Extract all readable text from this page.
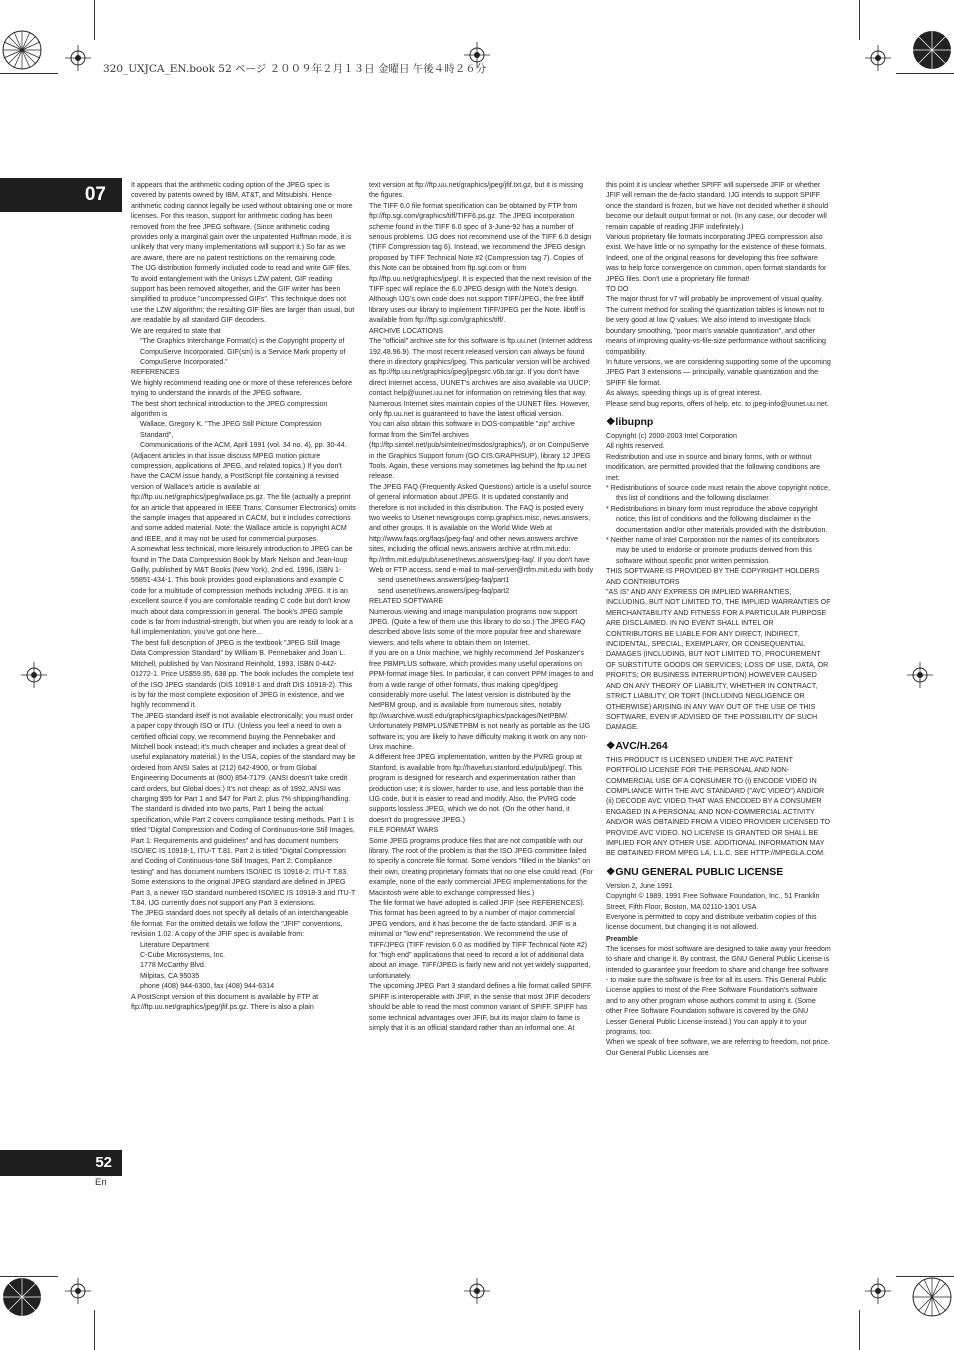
320_UXJCA_EN.book 52 ページ ２００９年２月１３日 金曜日 午後４時２６分
07	It appears that the arithmetic coding option of the JPEG spec is covered by patents owned by IBM, AT&T, and Mitsubishi. Hence arithmetic coding cannot legally be used without obtaining one or more licenses. For this reason, support for arithmetic coding has been removed from the free JPEG software. (Since arithmetic coding provides only a marginal gain over the unpatented Huffman mode, it is unlikely that very many implementations will support it.) So far as we are aware, there are no patent restrictions on the remaining code.

The IJG distribution formerly included code to read and write GIF files. To avoid entanglement with the Unisys LZW patent, GIF reading support has been removed altogether, and the GIF writer has been simplified to produce "uncompressed GIFs". This technique does not use the LZW algorithm; the resulting GIF files are larger than usual, but are readable by all standard GIF decoders.

We are required to state that

"The Graphics Interchange Format(c) is the Copyright property of CompuServe Incorporated. GIF(sm) is a Service Mark property of CompuServe Incorporated."

REFERENCES

We highly recommend reading one or more of these references before trying to understand the innards of the JPEG software.

The best short technical introduction to the JPEG compression algorithm is

Wallace, Gregory K. "The JPEG Still Picture Compression Standard",

Communications of the ACM, April 1991 (vol. 34 no. 4), pp. 30-44.

(Adjacent articles in that issue discuss MPEG motion picture compression, applications of JPEG, and related topics.) If you don't have the CACM issue handy, a PostScript file containing a revised version of Wallace's article is available at ftp://ftp.uu.net/graphics/jpeg/wallace.ps.gz. The file (actually a preprint for an article that appeared in IEEE Trans. Consumer Electronics) omits the sample images that appeared in CACM, but it includes corrections and some added material. Note: the Wallace article is copyright ACM and IEEE, and it may not be used for commercial purposes.

A somewhat less technical, more leisurely introduction to JPEG can be found in The Data Compression Book by Mark Nelson and Jean-loup Gailly, published by M&T Books (New York), 2nd ed. 1996, ISBN 1-55851-434-1. This book provides good explanations and example C code for a multitude of compression methods including JPEG. It is an excellent source if you are comfortable reading C code but don't know much about data compression in general. The book's JPEG sample code is far from industrial-strength, but when you are ready to look at a full implementation, you've got one here...

The best full description of JPEG is the textbook "JPEG Still Image Data Compression Standard" by William B. Pennebaker and Joan L. Mitchell, published by Van Nostrand Reinhold, 1993, ISBN 0-442-01272-1. Price US$59.95, 638 pp. The book includes the complete text of the ISO JPEG standards (DIS 10918-1 and draft DIS 10918-2). This is by far the most complete exposition of JPEG in existence, and we highly recommend it.

The JPEG standard itself is not available electronically; you must order a paper copy through ISO or ITU. (Unless you feel a need to own a certified official copy, we recommend buying the Pennebaker and Mitchell book instead; it's much cheaper and includes a great deal of useful explanatory material.) In the USA, copies of the standard may be ordered from ANSI Sales at (212) 642-4900, or from Global Engineering Documents at (800) 854-7179. (ANSI doesn't take credit card orders, but Global does.) It's not cheap: as of 1992, ANSI was charging $95 for Part 1 and $47 for Part 2, plus 7% shipping/handling. The standard is divided into two parts, Part 1 being the actual specification, while Part 2 covers compliance testing methods. Part 1 is titled "Digital Compression and Coding of Continuous-tone Still Images, Part 1: Requirements and guidelines" and has document numbers ISO/IEC IS 10918-1, ITU-T T.81. Part 2 is titled "Digital Compression and Coding of Continuous-tone Still Images, Part 2: Compliance testing" and has document numbers ISO/IEC IS 10918-2, ITU-T T.83.

Some extensions to the original JPEG standard are defined in JPEG Part 3, a newer ISO standard numbered ISO/IEC IS 10918-3 and ITU-T T.84. IJG currently does not support any Part 3 extensions.

The JPEG standard does not specify all details of an interchangeable file format. For the omitted details we follow the "JFIF" conventions, revision 1.02. A copy of the JFIF spec is available from:

Literature Department

C-Cube Microsystems, Inc.

1778 McCarthy Blvd.

Milpitas, CA 95035

phone (408) 944-6300, fax (408) 944-6314

A PostScript version of this document is available by FTP at ftp://ftp.uu.net/graphics/jpeg/jfif.ps.gz. There is also a plain

text version at ftp://ftp.uu.net/graphics/jpeg/jfif.txt.gz, but it is missing the figures.

The TIFF 6.0 file format specification can be obtained by FTP from ftp://ftp.sgi.com/graphics/tiff/TIFF6.ps.gz. The JPEG incorporation scheme found in the TIFF 6.0 spec of 3-June-92 has a number of serious problems. IJG does not recommend use of the TIFF 6.0 design (TIFF Compression tag 6). Instead, we recommend the JPEG design proposed by TIFF Technical Note #2 (Compression tag 7). Copies of this Note can be obtained from ftp.sgi.com or from ftp://ftp.uu.net/graphics/jpeg/. It is expected that the next revision of the TIFF spec will replace the 6.0 JPEG design with the Note's design. Although IJG's own code does not support TIFF/JPEG, the free libtiff library uses our library to implement TIFF/JPEG per the Note. libtiff is available from ftp://ftp.sgi.com/graphics/tiff/.

ARCHIVE LOCATIONS

The "official" archive site for this software is ftp.uu.net (Internet address 192.48.96.9). The most recent released version can always be found there in directory graphics/jpeg. This particular version will be archived as ftp://ftp.uu.net/graphics/jpeg/jpegsrc.v6b.tar.gz. If you don't have direct Internet access, UUNET's archives are also available via UUCP; contact help@uunet.uu.net for information on retrieving files that way.

Numerous Internet sites maintain copies of the UUNET files. However, only ftp.uu.net is guaranteed to have the latest official version.

You can also obtain this software in DOS-compatible "zip" archive format from the SimTel archives (ftp://ftp.simtel.net/pub/simtelnet/msdos/graphics/), or on CompuServe in the Graphics Support forum (GO CIS:GRAPHSUP), library 12 JPEG Tools. Again, these versions may sometimes lag behind the ftp.uu.net release.

The JPEG FAQ (Frequently Asked Questions) article is a useful source of general information about JPEG. It is updated constantly and therefore is not included in this distribution. The FAQ is posted every two weeks to Usenet newsgroups comp.graphics.misc, news.answers, and other groups. It is available on the World Wide Web at http://www.faqs.org/faqs/jpeg-faq/ and other news.answers archive sites, including the official news.answers archive at rtfm.mit.edu: ftp://rtfm.mit.edu/pub/usenet/news.answers/jpeg-faq/. If you don't have Web or FTP access, send e-mail to mail-server@rtfm.mit.edu with body

send usenet/news.answers/jpeg-faq/part1

send usenet/news.answers/jpeg-faq/part2

RELATED SOFTWARE

Numerous viewing and image manipulation programs now support JPEG. (Quite a few of them use this library to do so.) The JPEG FAQ described above lists some of the more popular free and shareware viewers, and tells where to obtain them on Internet.

If you are on a Unix machine, we highly recommend Jef Poskanzer's free PBMPLUS software, which provides many useful operations on PPM-format image files. In particular, it can convert PPM images to and from a wide range of other formats, thus making cjpeg/djpeg considerably more useful. The latest version is distributed by the NetPBM group, and is available from numerous sites, notably ftp://wuarchive.wustl.edu/graphics/graphics/packages/NetPBM/. Unfortunately PBMPLUS/NETPBM is not nearly as portable as the IJG software is; you are likely to have difficulty making it work on any non-Unix machine.

A different free JPEG implementation, written by the PVRG group at Stanford, is available from ftp://havefun.stanford.edu/pub/jpeg/. This program is designed for research and experimentation rather than production use; it is slower, harder to use, and less portable than the IJG code, but it is easier to read and modify. Also, the PVRG code supports lossless JPEG, which we do not. (On the other hand, it doesn't do progressive JPEG.)

FILE FORMAT WARS

Some JPEG programs produce files that are not compatible with our library. The root of the problem is that the ISO JPEG committee failed to specify a concrete file format. Some vendors "filled in the blanks" on their own, creating proprietary formats that no one else could read. (For example, none of the early commercial JPEG implementations for the Macintosh were able to exchange compressed files.)

The file format we have adopted is called JFIF (see REFERENCES). This format has been agreed to by a number of major commercial JPEG vendors, and it has become the de facto standard. JFIF is a minimal or "low end" representation. We recommend the use of TIFF/JPEG (TIFF revision 6.0 as modified by TIFF Technical Note #2) for "high end" applications that need to record a lot of additional data about an image. TIFF/JPEG is fairly new and not yet widely supported, unfortunately.

The upcoming JPEG Part 3 standard defines a file format called SPIFF. SPIFF is interoperable with JFIF, in the sense that most JFIF decoders should be able to read the most common variant of SPIFF. SPIFF has some technical advantages over JFIF, but its major claim to fame is simply that it is an official standard rather than an informal one. At

this point it is unclear whether SPIFF will supersede JFIF or whether JFIF will remain the de-facto standard. IJG intends to support SPIFF once the standard is frozen, but we have not decided whether it should become our default output format or not. (In any case, our decoder will remain capable of reading JFIF indefinitely.)

Various proprietary file formats incorporating JPEG compression also exist. We have little or no sympathy for the existence of these formats. Indeed, one of the original reasons for developing this free software was to help force convergence on common, open format standards for JPEG files. Don't use a proprietary file format!

TO DO

The major thrust for v7 will probably be improvement of visual quality. The current method for scaling the quantization tables is known not to be very good at low Q values. We also intend to investigate block boundary smoothing, "poor man's variable quantization", and other means of improving quality-vs-file-size performance without sacrificing compatibility.

In future versions, we are considering supporting some of the upcoming JPEG Part 3 extensions — principally, variable quantization and the SPIFF file format.

As always, speeding things up is of great interest.

Please send bug reports, offers of help, etc. to jpeg-info@uunet.uu.net.

❖libupnp

Copyright (c) 2000-2003 Intel Corporation

All rights reserved.

Redistribution and use in source and binary forms, with or without modification, are permitted provided that the following conditions are met:

* Redistributions of source code must retain the above copyright notice, this list of conditions and the following disclaimer.

* Redistributions in binary form must reproduce the above copyright notice, this list of conditions and the following disclaimer in the documentation and/or other materials provided with the distribution.

* Neither name of Intel Corporation nor the names of its contributors may be used to endorse or promote products derived from this software without specific prior written permission.

THIS SOFTWARE IS PROVIDED BY THE COPYRIGHT HOLDERS AND CONTRIBUTORS

"AS IS" AND ANY EXPRESS OR IMPLIED WARRANTIES, INCLUDING, BUT NOT LIMITED TO, THE IMPLIED WARRANTIES OF MERCHANTABILITY AND FITNESS FOR A PARTICULAR PURPOSE ARE DISCLAIMED. IN NO EVENT SHALL INTEL OR CONTRIBUTORS BE LIABLE FOR ANY DIRECT, INDIRECT, INCIDENTAL, SPECIAL, EXEMPLARY, OR CONSEQUENTIAL DAMAGES (INCLUDING, BUT NOT LIMITED TO, PROCUREMENT OF SUBSTITUTE GOODS OR SERVICES; LOSS OF USE, DATA, OR PROFITS; OR BUSINESS INTERRUPTION) HOWEVER CAUSED AND ON ANY THEORY OF LIABILITY, WHETHER IN CONTRACT, STRICT LIABILITY, OR TORT (INCLUDING NEGLIGENCE OR OTHERWISE) ARISING IN ANY WAY OUT OF THE USE OF THIS SOFTWARE, EVEN IF ADVISED OF THE POSSIBILITY OF SUCH DAMAGE.

❖AVC/H.264

THIS PRODUCT IS LICENSED UNDER THE AVC PATENT PORTFOLIO LICENSE FOR THE PERSONAL AND NON-COMMERCIAL USE OF A CONSUMER TO (i) ENCODE VIDEO IN COMPLIANCE WITH THE AVC STANDARD ("AVC VIDEO") AND/OR (ii) DECODE AVC VIDEO THAT WAS ENCODED BY A CONSUMER ENGAGED IN A PERSONAL AND NON-COMMERCIAL ACTIVITY AND/OR WAS OBTAINED FROM A VIDEO PROVIDER LICENSED TO PROVIDE AVC VIDEO. NO LICENSE IS GRANTED OR SHALL BE IMPLIED FOR ANY OTHER USE. ADDITIONAL INFORMATION MAY BE OBTAINED FROM MPEG LA, L.L.C. SEE HTTP://MPEGLA.COM.

❖GNU GENERAL PUBLIC LICENSE

Version 2, June 1991

Copyright © 1989, 1991 Free Software Foundation, Inc., 51 Franklin Street, Fifth Floor, Boston, MA 02110-1301 USA

Everyone is permitted to copy and distribute verbatim copies of this license document, but changing it is not allowed.

Preamble

The licenses for most software are designed to take away your freedom to share and change it. By contrast, the GNU General Public License is intended to guarantee your freedom to share and change free software - to make sure the software is free for all its users. This General Public License applies to most of the Free Software Foundation's software and to any other program whose authors commit to using it. (Some other Free Software Foundation software is covered by the GNU Lesser General Public License instead.) You can apply it to your programs, too.

When we speak of free software, we are referring to freedom, not price. Our General Public Licenses are

52
En
